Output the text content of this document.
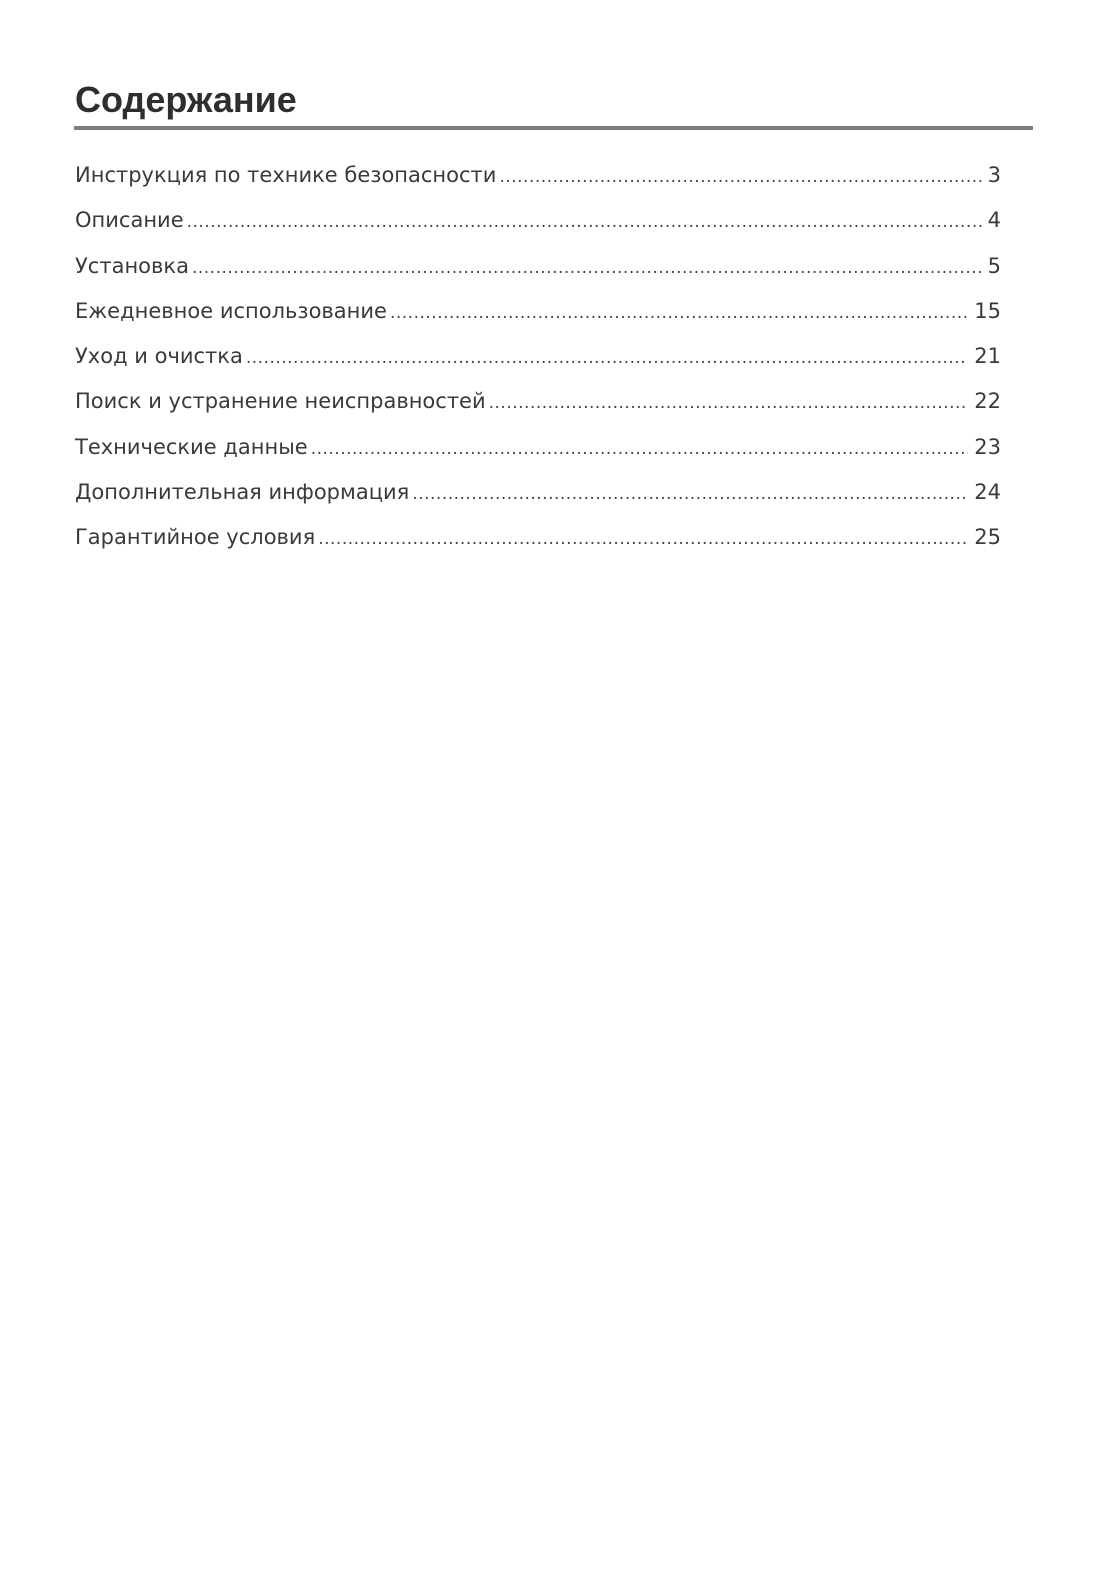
Содержание
Инструкция по технике безопасности .....	3
Описание .....	4
Установка .....	5
Ежедневное использование .....	15
Уход и очистка .....	21
Поиск и устранение неисправностей .....	22
Технические данные .....	23
Дополнительная информация .....	24
Гарантийное условия .....	25
